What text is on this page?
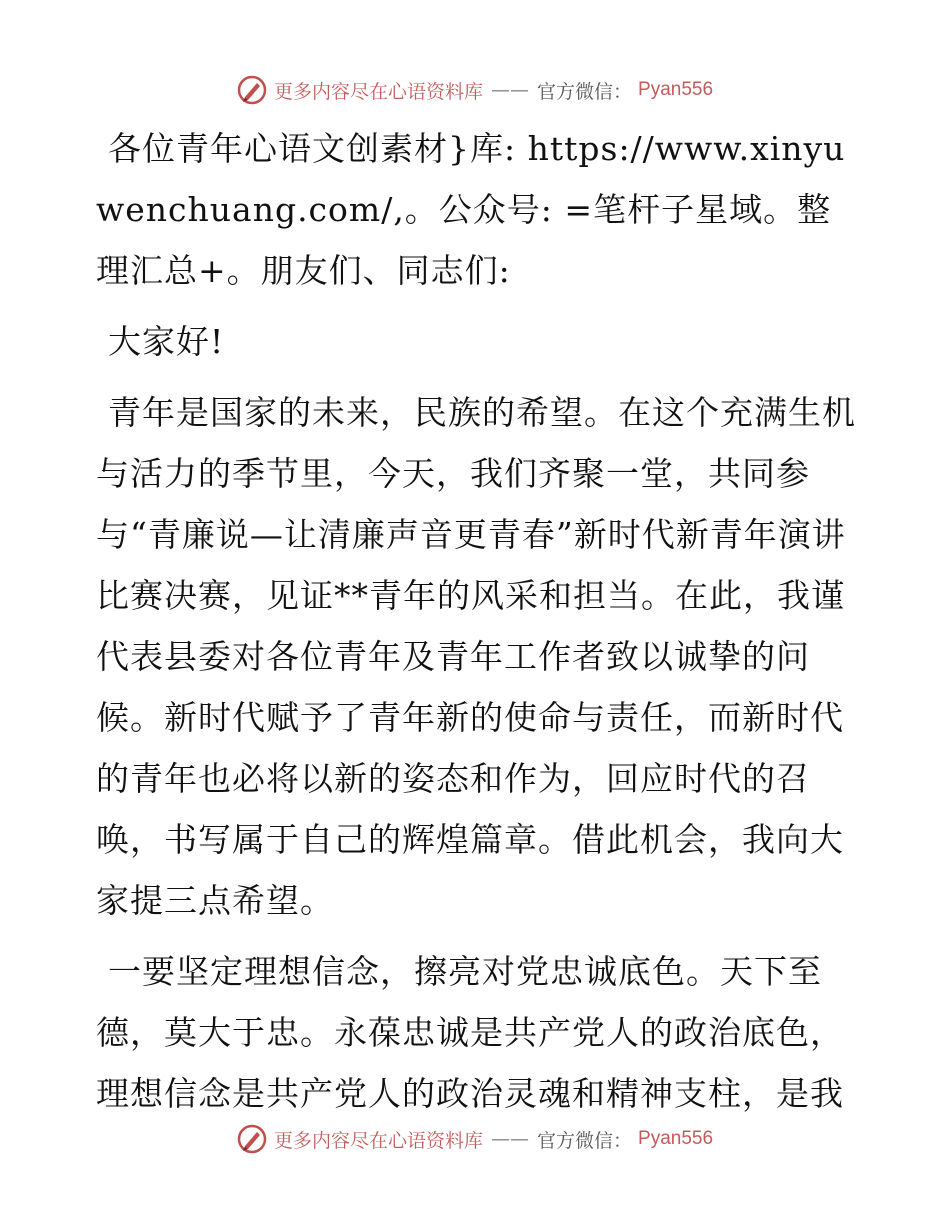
更多内容尽在心语资料库 —— 官方微信： Pyan556

各位青年心语文创素材}库: https://www.xinyuwenchuang.com/,。公众号: =笔杆子星域。整理汇总+。朋友们、同志们:

大家好!

青年是国家的未来，民族的希望。在这个充满生机与活力的季节里，今天，我们齐聚一堂，共同参与“青廉说—让清廉声音更青春”新时代新青年演讲比赛决赛，见证**青年的风采和担当。在此，我谨代表县委对各位青年及青年工作者致以诚挚的问候。新时代赋予了青年新的使命与责任，而新时代的青年也必将以新的姿态和作为，回应时代的召唤，书写属于自己的辉煌篇章。借此机会，我向大家提三点希望。

一要坚定理想信念，擦亮对党忠诚底色。天下至德，莫大于忠。永葆忠诚是共产党人的政治底色，理想信念是共产党人的政治灵魂和精神支柱，是我

更多内容尽在心语资料库 —— 官方微信： Pyan556
